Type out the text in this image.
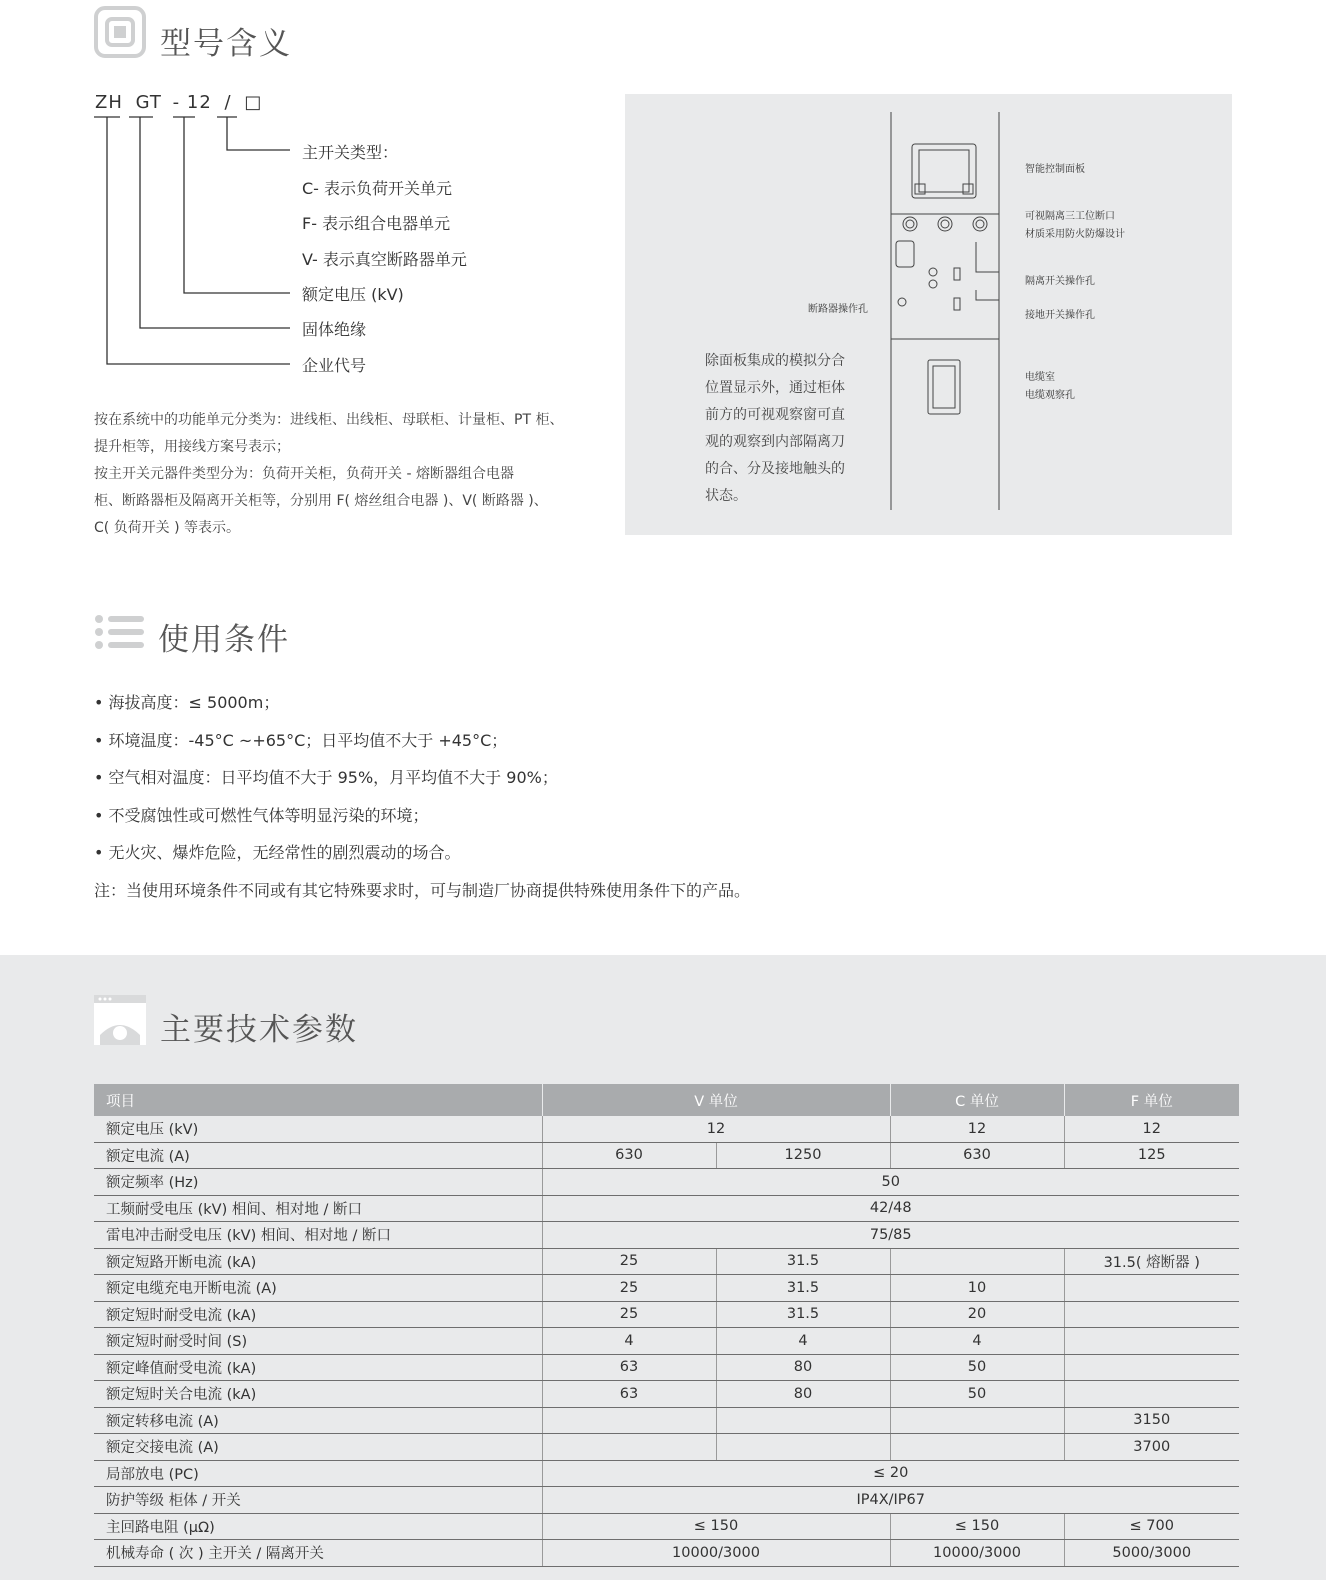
型号含义
ZH GT - 12 / □
主开关类型：
C- 表示负荷开关单元
F- 表示组合电器单元
V- 表示真空断路器单元
额定电压 (kV)
固体绝缘
企业代号
按在系统中的功能单元分类为：进线柜、出线柜、母联柜、计量柜、PT 柜、
提升柜等，用接线方案号表示；
按主开关元器件类型分为：负荷开关柜，负荷开关 - 熔断器组合电器
柜、断路器柜及隔离开关柜等，分别用 F( 熔丝组合电器 )、V( 断路器 )、
C( 负荷开关 ) 等表示。
智能控制面板
可视隔离三工位断口
材质采用防火防爆设计
隔离开关操作孔
接地开关操作孔
断路器操作孔
电缆室
电缆观察孔
除面板集成的模拟分合
位置显示外，通过柜体
前方的可视观察窗可直
观的观察到内部隔离刀
的合、分及接地触头的
状态。
使用条件
• 海拔高度：≤ 5000m；
• 环境温度：-45°C ~+65°C；日平均值不大于 +45°C；
• 空气相对温度：日平均值不大于 95%，月平均值不大于 90%；
• 不受腐蚀性或可燃性气体等明显污染的环境；
• 无火灾、爆炸危险，无经常性的剧烈震动的场合。
注：当使用环境条件不同或有其它特殊要求时，可与制造厂协商提供特殊使用条件下的产品。
主要技术参数
项目	V 单位		C 单位	F 单位
额定电压 (kV)	12		12	12
额定电流 (A)	630	1250	630	125
额定频率 (Hz)	50			
工频耐受电压 (kV) 相间、相对地 / 断口	42/48			
雷电冲击耐受电压 (kV) 相间、相对地 / 断口	75/85			
额定短路开断电流 (kA)	25	31.5		31.5( 熔断器 )
额定电缆充电开断电流 (A)	25	31.5	10	
额定短时耐受电流 (kA)	25	31.5	20	
额定短时耐受时间 (S)	4	4	4	
额定峰值耐受电流 (kA)	63	80	50	
额定短时关合电流 (kA)	63	80	50	
额定转移电流 (A)				3150
额定交接电流 (A)				3700
局部放电 (PC)	≤ 20			
防护等级 柜体 / 开关	IP4X/IP67			
主回路电阻 (μΩ)	≤ 150		≤ 150	≤ 700
机械寿命 ( 次 ) 主开关 / 隔离开关	10000/3000		10000/3000	5000/3000
